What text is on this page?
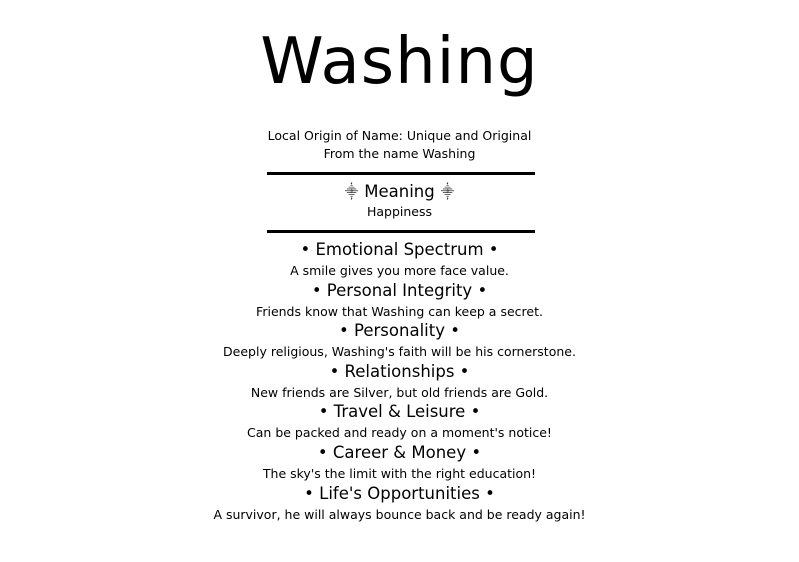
Washing
Local Origin of Name: Unique and Original
From the name Washing
⸎ Meaning ⸎
Happiness
• Emotional Spectrum •
A smile gives you more face value.
• Personal Integrity •
Friends know that Washing can keep a secret.
• Personality •
Deeply religious, Washing's faith will be his cornerstone.
• Relationships •
New friends are Silver, but old friends are Gold.
• Travel & Leisure •
Can be packed and ready on a moment's notice!
• Career & Money •
The sky's the limit with the right education!
• Life's Opportunities •
A survivor, he will always bounce back and be ready again!
